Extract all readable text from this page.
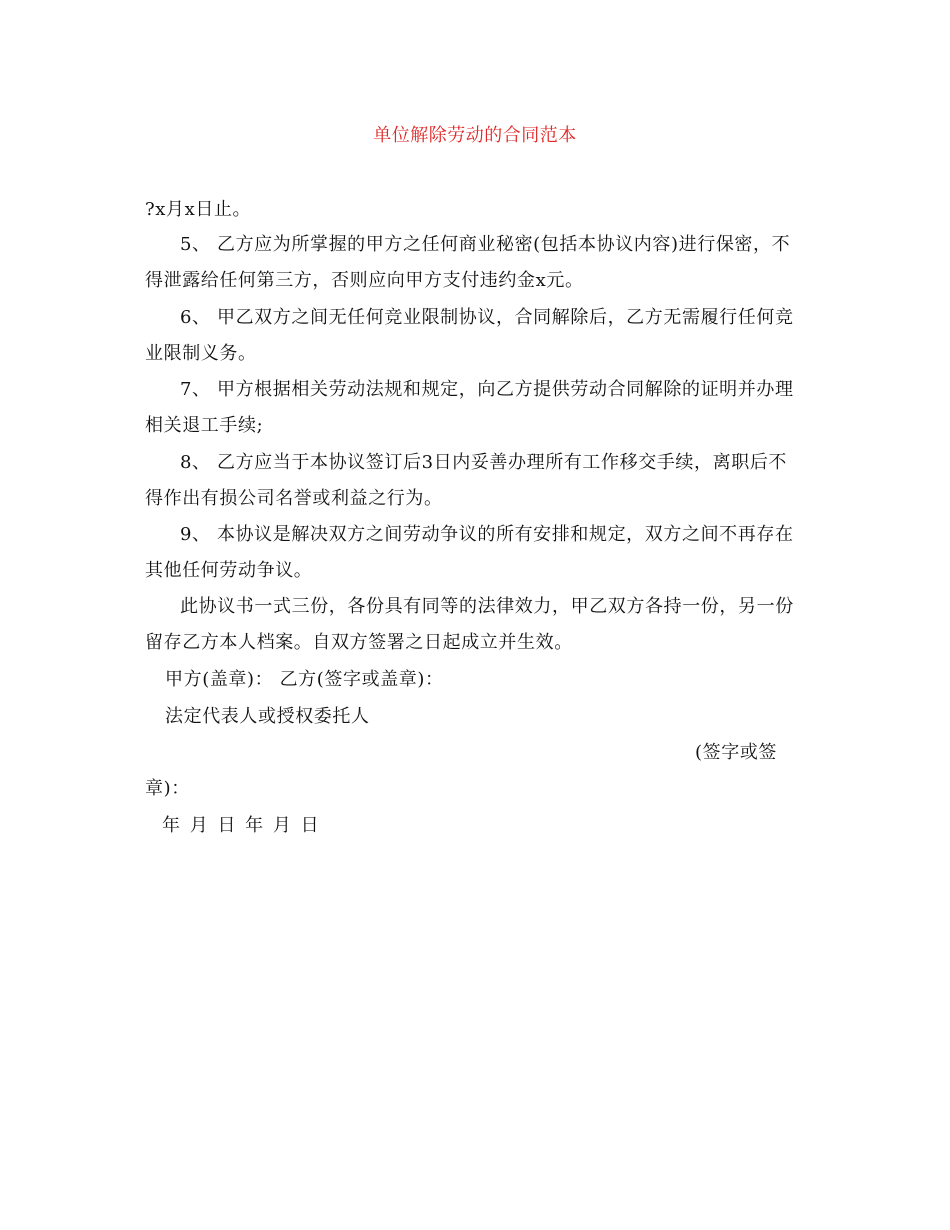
单位解除劳动的合同范本
?x月x日止。
5、 乙方应为所掌握的甲方之任何商业秘密(包括本协议内容)进行保密，不
得泄露给任何第三方，否则应向甲方支付违约金x元。
6、 甲乙双方之间无任何竞业限制协议，合同解除后，乙方无需履行任何竞
业限制义务。
7、 甲方根据相关劳动法规和规定，向乙方提供劳动合同解除的证明并办理
相关退工手续;
8、 乙方应当于本协议签订后3日内妥善办理所有工作移交手续，离职后不
得作出有损公司名誉或利益之行为。
9、 本协议是解决双方之间劳动争议的所有安排和规定，双方之间不再存在
其他任何劳动争议。
此协议书一式三份，各份具有同等的法律效力，甲乙双方各持一份，另一份
留存乙方本人档案。自双方签署之日起成立并生效。
甲方(盖章)： 乙方(签字或盖章)：
法定代表人或授权委托人
(签字或签
章)：
年 月 日 年 月 日
